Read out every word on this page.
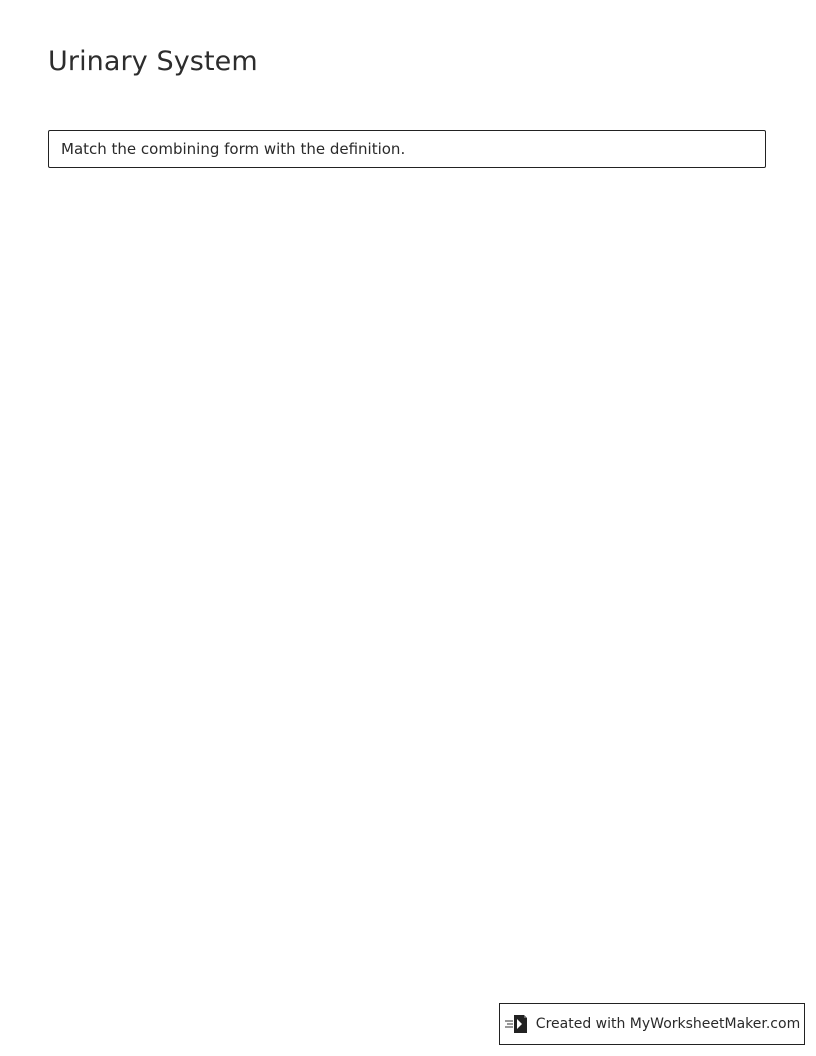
Urinary System
Match the combining form with the definition.
Created with MyWorksheetMaker.com
